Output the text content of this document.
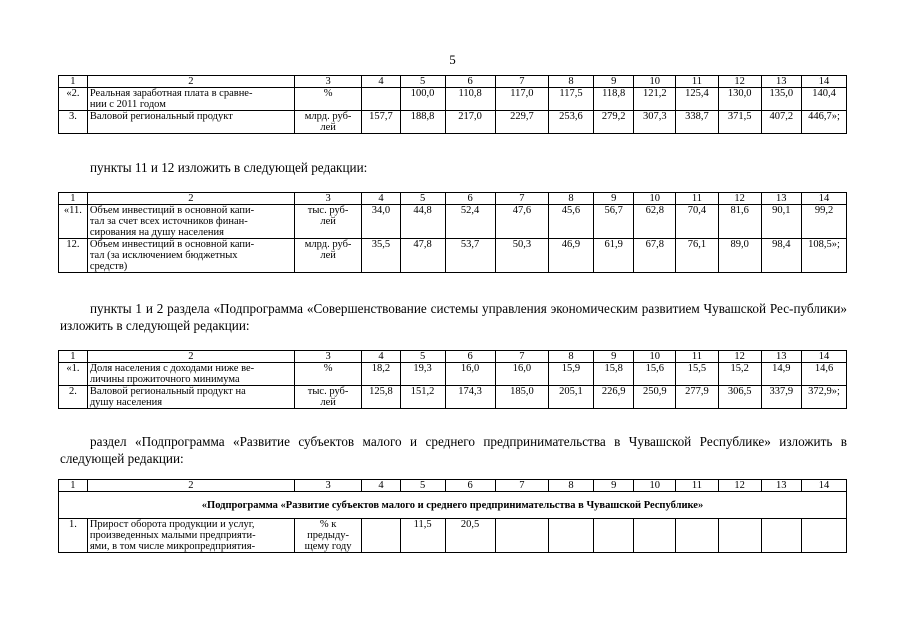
5
1	2	3	4	5	6	7	8	9	10	11	12	13	14
«2.	Реальная заработная плата в сравне-
нии с 2011 годом	%		100,0	110,8	117,0	117,5	118,8	121,2	125,4	130,0	135,0	140,4
3.	Валовой региональный продукт	млрд. руб-
лей	157,7	188,8	217,0	229,7	253,6	279,2	307,3	338,7	371,5	407,2	446,7»;
пункты 11 и 12 изложить в следующей редакции:
1	2	3	4	5	6	7	8	9	10	11	12	13	14
«11.	Объем инвестиций в основной капи-
тал за счет всех источников финан-
сирования на душу населения	тыс. руб-
лей	34,0	44,8	52,4	47,6	45,6	56,7	62,8	70,4	81,6	90,1	99,2
12.	Объем инвестиций в основной капи-
тал (за исключением бюджетных
средств)	млрд. руб-
лей	35,5	47,8	53,7	50,3	46,9	61,9	67,8	76,1	89,0	98,4	108,5»;
пункты 1 и 2 раздела «Подпрограмма «Совершенствование системы управления экономическим развитием Чувашской Рес-публики» изложить в следующей редакции:
1	2	3	4	5	6	7	8	9	10	11	12	13	14
«1.	Доля населения с доходами ниже ве-
личины прожиточного минимума	%	18,2	19,3	16,0	16,0	15,9	15,8	15,6	15,5	15,2	14,9	14,6
2.	Валовой региональный продукт на
душу населения	тыс. руб-
лей	125,8	151,2	174,3	185,0	205,1	226,9	250,9	277,9	306,5	337,9	372,9»;
раздел «Подпрограмма «Развитие субъектов малого и среднего предпринимательства в Чувашской Республике» изложить в следующей редакции:
1	2	3	4	5	6	7	8	9	10	11	12	13	14
«Подпрограмма «Развитие субъектов малого и среднего предпринимательства в Чувашской Республике»													
1.	Прирост оборота продукции и услуг,
произведенных малыми предприяти-
ями, в том числе микропредприятия-	% к
предыду-
щему году		11,5	20,5								
